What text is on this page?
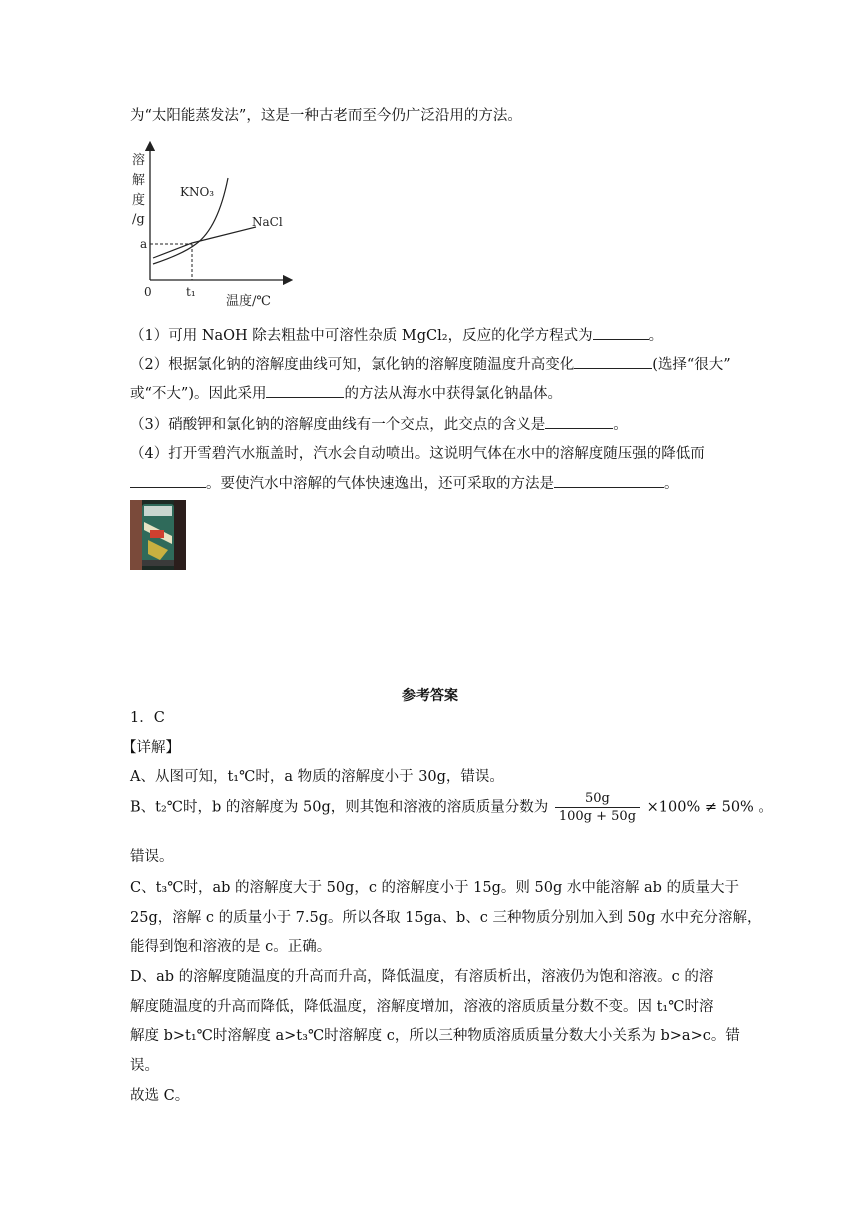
为“太阳能蒸发法”，这是一种古老而至今仍广泛沿用的方法。
溶
解
度
/g
KNO₃
NaCl
a
0	t₁
温度/℃
（1）可用 NaOH 除去粗盐中可溶性杂质 MgCl₂，反应的化学方程式为	。
（2）根据氯化钠的溶解度曲线可知，氯化钠的溶解度随温度升高变化	(选择“很大”
或“不大”)。因此采用	的方法从海水中获得氯化钠晶体。
（3）硝酸钾和氯化钠的溶解度曲线有一个交点，此交点的含义是	。
（4）打开雪碧汽水瓶盖时，汽水会自动喷出。这说明气体在水中的溶解度随压强的降低而
。要使汽水中溶解的气体快速逸出，还可采取的方法是	。
参考答案
1．C
【详解】
A、从图可知，t₁℃时，a 物质的溶解度小于 30g，错误。
B、t₂℃时，b 的溶解度为 50g，则其饱和溶液的溶质质量分数为 $\frac{50g}{100g + 50g} \times 100\% \ne 50\%$ 。
错误。
C、t₃℃时，ab 的溶解度大于 50g，c 的溶解度小于 15g。则 50g 水中能溶解 ab 的质量大于
25g，溶解 c 的质量小于 7.5g。所以各取 15ga、b、c 三种物质分别加入到 50g 水中充分溶解，
能得到饱和溶液的是 c。正确。
D、ab 的溶解度随温度的升高而升高，降低温度，有溶质析出，溶液仍为饱和溶液。c 的溶
解度随温度的升高而降低，降低温度，溶解度增加，溶液的溶质质量分数不变。因 t₁℃时溶
解度 b>t₁℃时溶解度 a>t₃℃时溶解度 c，所以三种物质溶质质量分数大小关系为 b>a>c。错
误。
故选 C。
